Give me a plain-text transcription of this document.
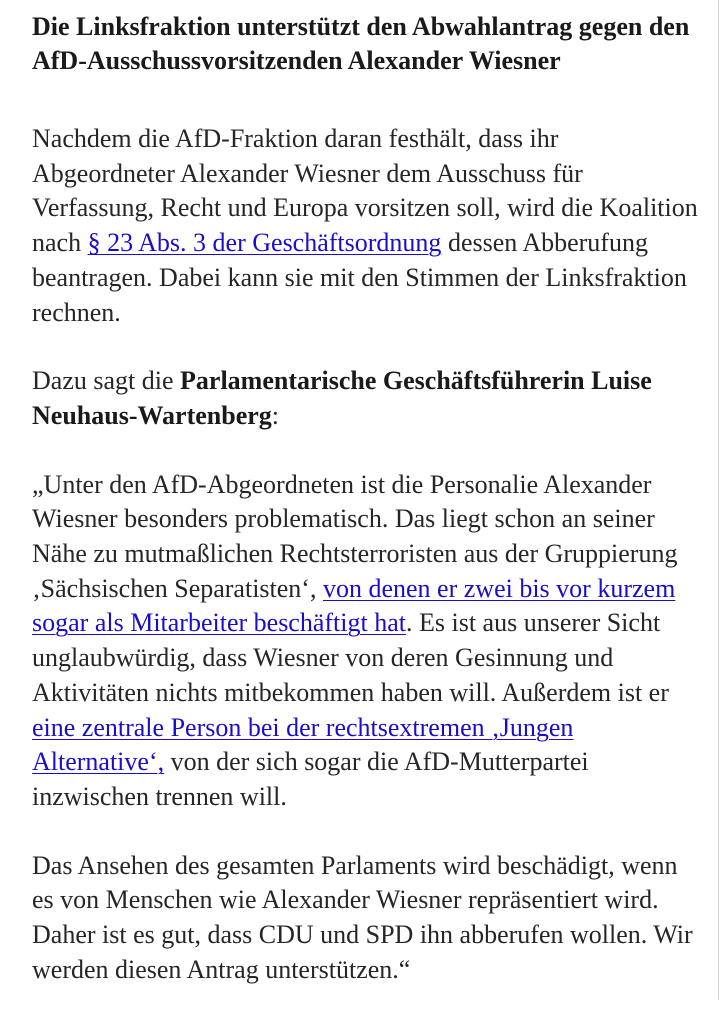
Die Linksfraktion unterstützt den Abwahlantrag gegen den AfD-Ausschussvorsitzenden Alexander Wiesner

Nachdem die AfD-Fraktion daran festhält, dass ihr Abgeordneter Alexander Wiesner dem Ausschuss für Verfassung, Recht und Europa vorsitzen soll, wird die Koalition nach § 23 Abs. 3 der Geschäftsordnung dessen Abberufung beantragen. Dabei kann sie mit den Stimmen der Linksfraktion rechnen.

Dazu sagt die Parlamentarische Geschäftsführerin Luise Neuhaus-Wartenberg:

„Unter den AfD-Abgeordneten ist die Personalie Alexander Wiesner besonders problematisch. Das liegt schon an seiner Nähe zu mutmaßlichen Rechtsterroristen aus der Gruppierung ‚Sächsischen Separatisten‘, von denen er zwei bis vor kurzem sogar als Mitarbeiter beschäftigt hat. Es ist aus unserer Sicht unglaubwürdig, dass Wiesner von deren Gesinnung und Aktivitäten nichts mitbekommen haben will. Außerdem ist er eine zentrale Person bei der rechtsextremen ‚Jungen Alternative‘, von der sich sogar die AfD-Mutterpartei inzwischen trennen will.

Das Ansehen des gesamten Parlaments wird beschädigt, wenn es von Menschen wie Alexander Wiesner repräsentiert wird. Daher ist es gut, dass CDU und SPD ihn abberufen wollen. Wir werden diesen Antrag unterstützen.“
